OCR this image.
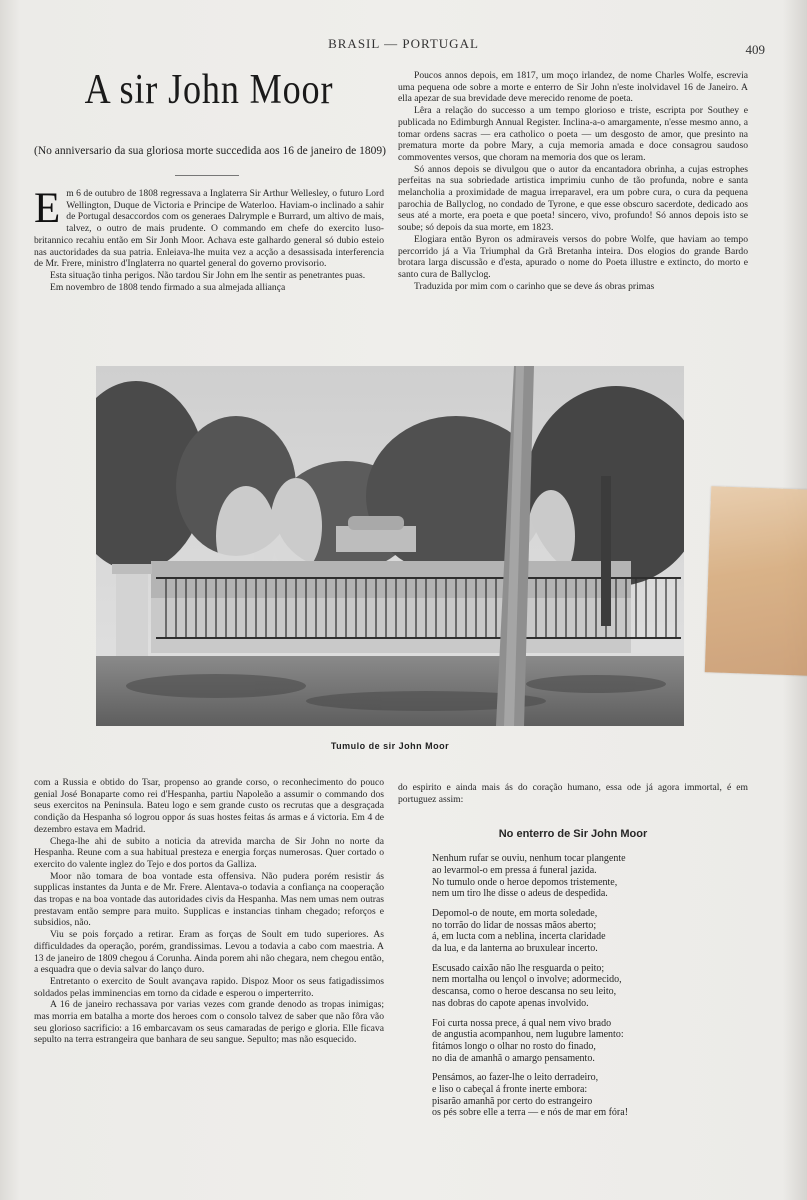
BRASIL — PORTUGAL	409
A sir John Moor
(No anniversario da sua gloriosa morte succedida aos 16 de janeiro de 1809)

Em 6 de outubro de 1808 regressava a Inglaterra Sir Arthur Wellesley, o futuro Lord Wellington, Duque de Victoria e Principe de Waterloo. Haviam-o inclinado a sahir de Portugal desaccordos com os generaes Dalrymple e Burrard, um altivo de mais, talvez, o outro de mais prudente. O commando em chefe do exercito luso-britannico recahiu então em Sir Jonh Moor. Achava este galhardo general só dubio esteio nas auctoridades da sua patria. Enleiava-lhe muita vez a acção a desassisada interferencia de Mr. Frere, ministro d'Inglaterra no quartel general do governo provisorio.

Esta situação tinha perigos. Não tardou Sir John em lhe sentir as penetrantes puas.

Em novembro de 1808 tendo firmado a sua almejada alliança

Poucos annos depois, em 1817, um moço irlandez, de nome Charles Wolfe, escrevia uma pequena ode sobre a morte e enterro de Sir John n'este inolvidavel 16 de Janeiro. A ella apezar de sua brevidade deve merecido renome de poeta.

Lêra a relação do successo a um tempo glorioso e triste, escripta por Southey e publicada no Edimburgh Annual Register. Inclina-a-o amargamente, n'esse mesmo anno, a tomar ordens sacras — era catholico o poeta — um desgosto de amor, que presinto na prematura morte da pobre Mary, a cuja memoria amada e doce consagrou saudoso commoventes versos, que choram na memoria dos que os leram.

Só annos depois se divulgou que o autor da encantadora obrinha, a cujas estrophes perfeitas na sua sobriedade artistica imprimiu cunho de tão profunda, nobre e santa melancholia a proximidade de magua irreparavel, era um pobre cura, o cura da pequena parochia de Ballyclog, no condado de Tyrone, e que esse obscuro sacerdote, dedicado aos seus até a morte, era poeta e que poeta! sincero, vivo, profundo! Só annos depois isto se soube; só depois da sua morte, em 1823.

Elogiara então Byron os admiraveis versos do pobre Wolfe, que haviam ao tempo percorrido já a Via Triumphal da Grã Bretanha inteira. Dos elogios do grande Bardo brotara larga discussão e d'esta, apurado o nome do Poeta illustre e extincto, do morto e santo cura de Ballyclog.

Traduzida por mim com o carinho que se deve ás obras primas

Tumulo de sir John Moor

com a Russia e obtido do Tsar, propenso ao grande corso, o reconhecimento do pouco genial José Bonaparte como rei d'Hespanha, partiu Napoleão a assumir o commando dos seus exercitos na Peninsula. Bateu logo e sem grande custo os recrutas que a desgraçada condição da Hespanha só logrou oppor ás suas hostes feitas ás armas e á victoria. Em 4 de dezembro estava em Madrid.

Chega-lhe ahi de subito a noticia da atrevida marcha de Sir John no norte da Hespanha. Reune com a sua habitual presteza e energia forças numerosas. Quer cortado o exercito do valente inglez do Tejo e dos portos da Galliza.

Moor não tomara de boa vontade esta offensiva. Não pudera porém resistir ás supplicas instantes da Junta e de Mr. Frere. Alentava-o todavia a confiança na cooperação das tropas e na boa vontade das autoridades civis da Hespanha. Mas nem umas nem outras prestavam então sempre para muito. Supplicas e instancias tinham chegado; reforços e subsidios, não.

Viu se pois forçado a retirar. Eram as forças de Soult em tudo superiores. As difficuldades da operação, porém, grandissimas. Levou a todavia a cabo com maestria. A 13 de janeiro de 1809 chegou á Corunha. Ainda porem ahi não chegara, nem chegou então, a esquadra que o devia salvar do lanço duro.

Entretanto o exercito de Soult avançava rapido. Dispoz Moor os seus fatigadissimos soldados pelas imminencias em torno da cidade e esperou o imperterrito.

A 16 de janeiro rechassava por varias vezes com grande denodo as tropas inimigas; mas morria em batalha a morte dos heroes com o consolo talvez de saber que não fôra vão seu glorioso sacrificio: a 16 embarcavam os seus camaradas de perigo e gloria. Elle ficava sepulto na terra estrangeira que banhara de seu sangue. Sepulto; mas não esquecido.

do espirito e ainda mais ás do coração humano, essa ode já agora immortal, é em portuguez assim:

No enterro de Sir John Moor
Nenhum rufar se ouviu, nenhum tocar plangente
ao levarmol-o em pressa á funeral jazida.
No tumulo onde o heroe depomos tristemente,
nem um tiro lhe disse o adeus de despedida.
Depomol-o de noute, em morta soledade,
no torrão do lidar de nossas mãos aberto;
á, em lucta com a neblina, incerta claridade
da lua, e da lanterna ao bruxulear incerto.
Escusado caixão não lhe resguarda o peito;
nem mortalha ou lençol o involve; adormecido,
descansa, como o heroe descansa no seu leito,
nas dobras do capote apenas involvido.
Foi curta nossa prece, á qual nem vivo brado
de angustia acompanhou, nem lugubre lamento:
fitámos longo o olhar no rosto do finado,
no dia de amanhã o amargo pensamento.
Pensámos, ao fazer-lhe o leito derradeiro,
e liso o cabeçal á fronte inerte embora:
pisarão amanhã por certo do estrangeiro
os pés sobre elle a terra — e nós de mar em fóra!
